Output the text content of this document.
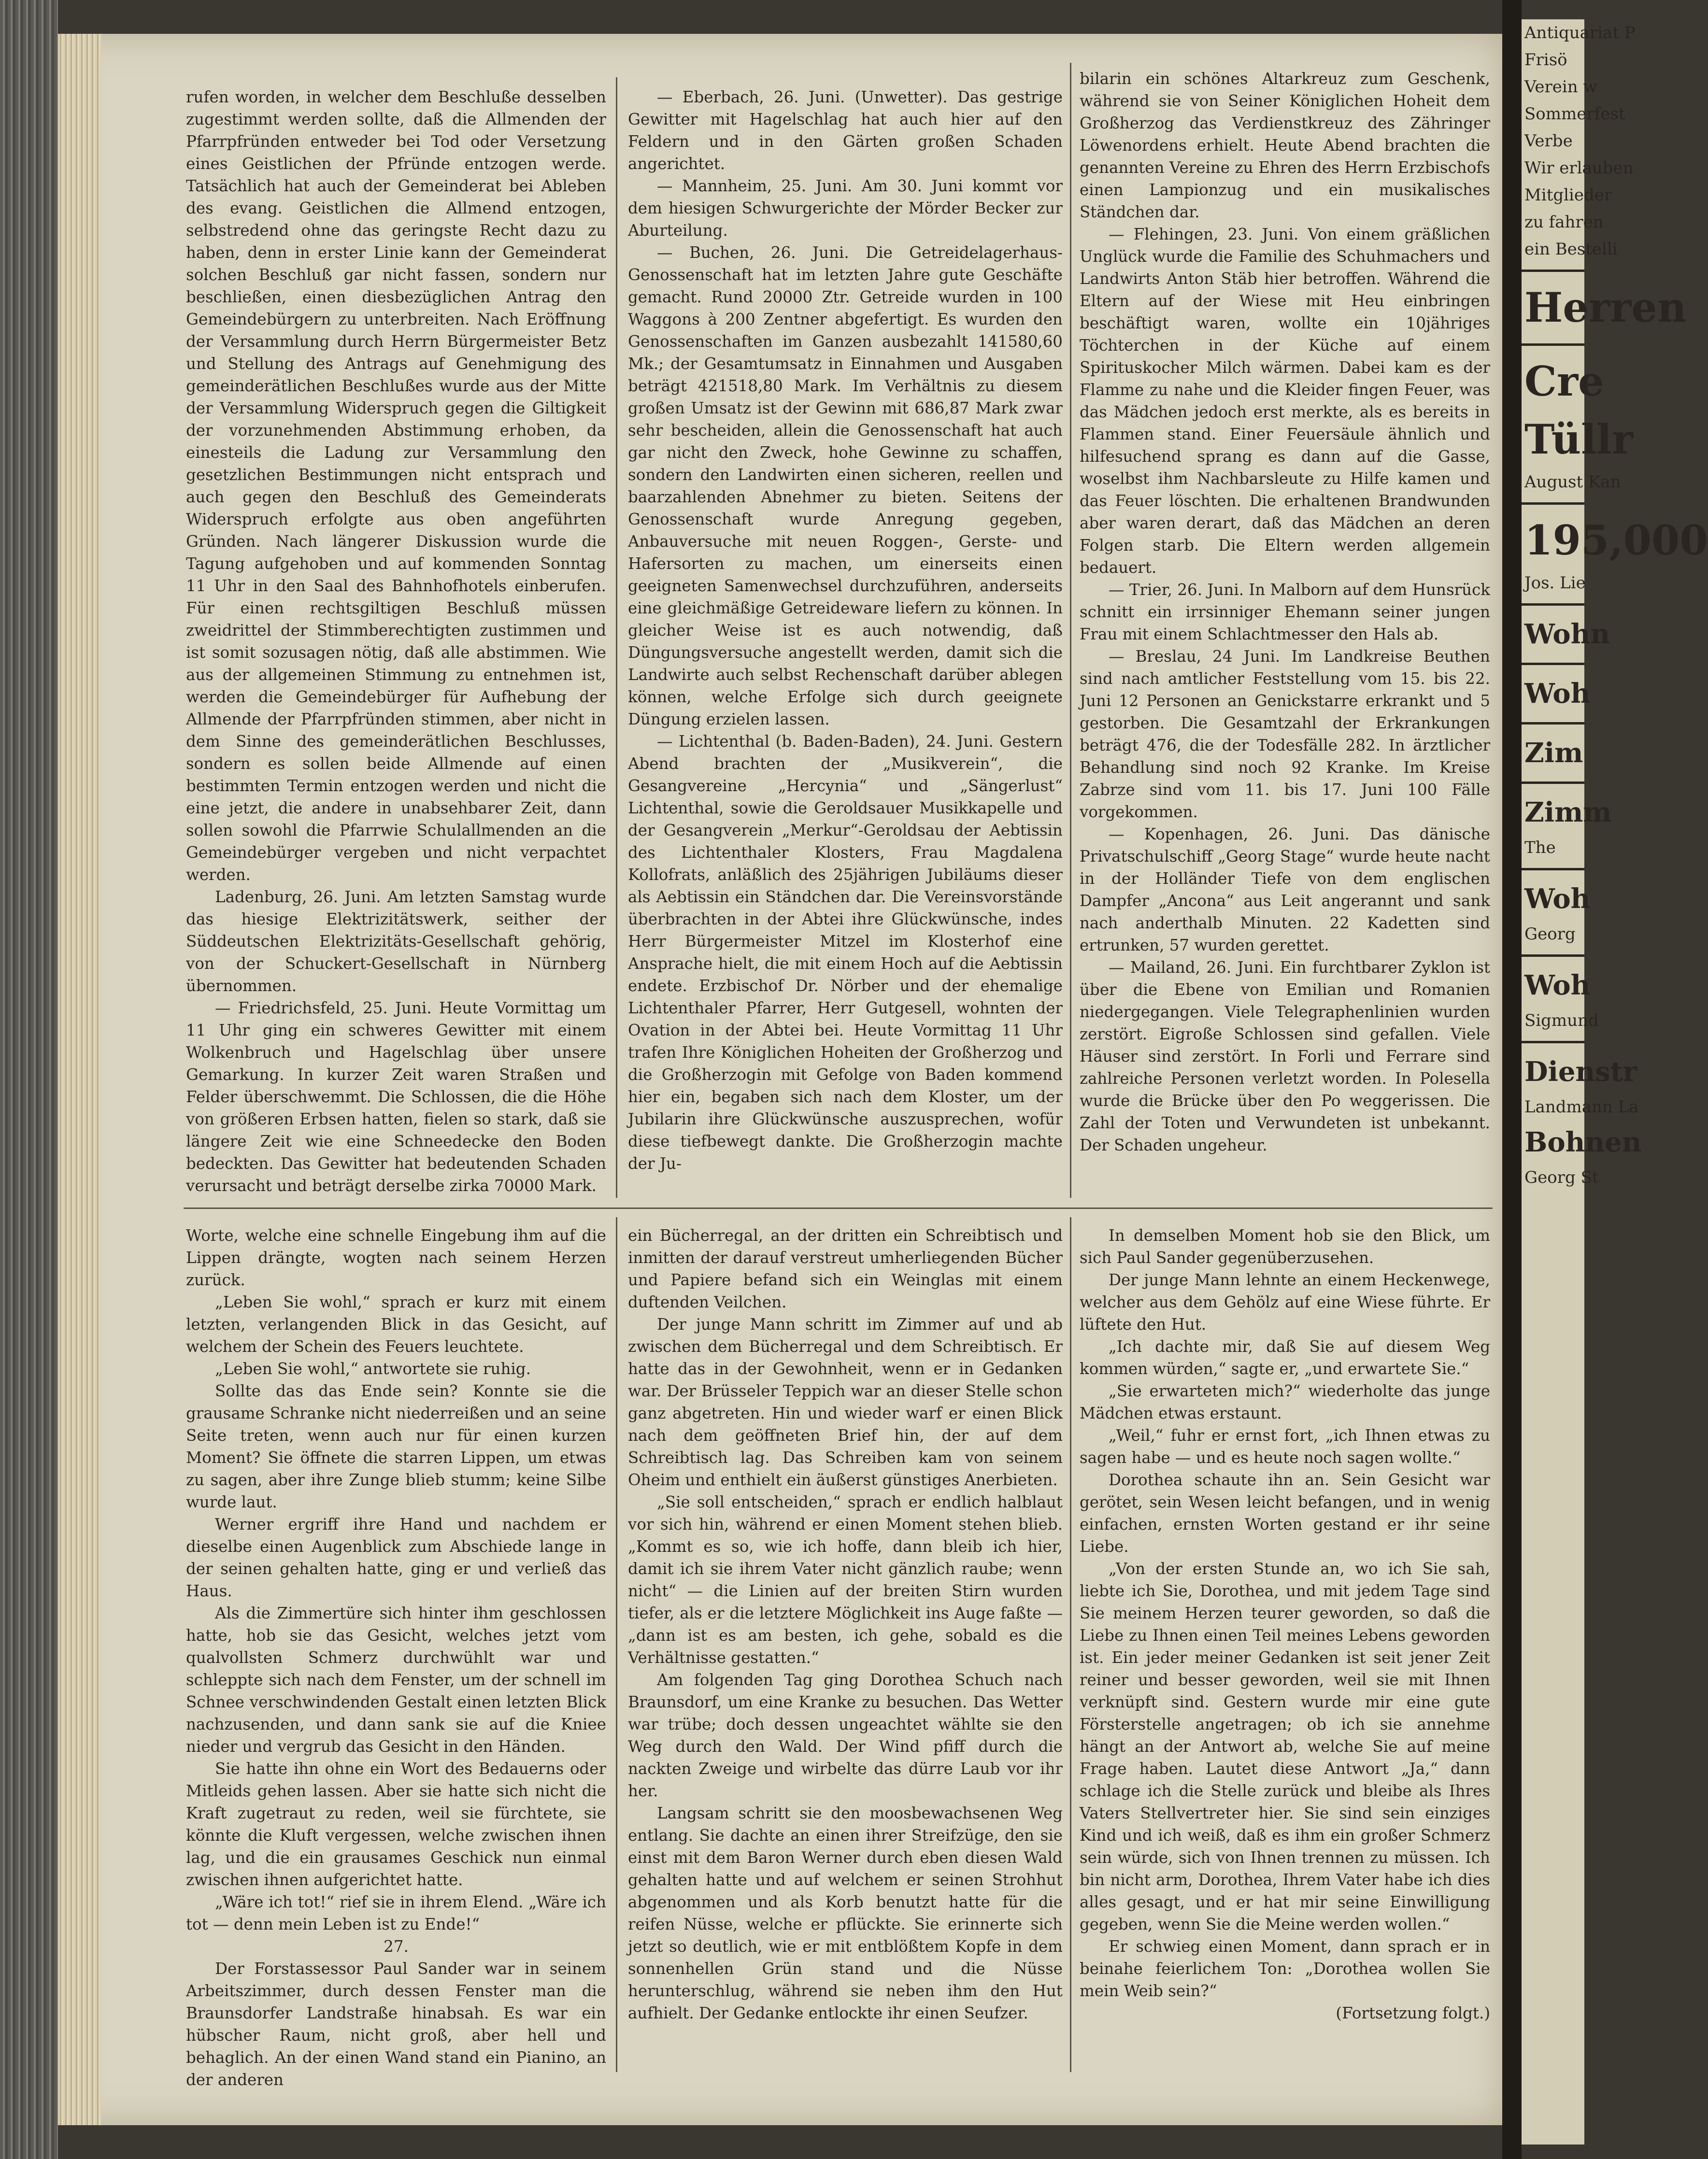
Antiquariat P
Frisö
Verein w
Sommerfest
Verbe
Wir erlauben
Mitglieder
zu fahren
ein Bestelli
Herren
Cre
Tüllr
August Kan
195,000
Jos. Lie
Wohn
Woh
Zim
Zimm
The
Woh
Georg
Woh
Sigmund
Dienstr
Landmann La
Bohnen
Georg St

rufen worden, in welcher dem Beschluße desselben zugestimmt werden sollte, daß die Allmenden der Pfarrpfründen entweder bei Tod oder Versetzung eines Geistlichen der Pfründe entzogen werde. Tatsächlich hat auch der Gemeinderat bei Ableben des evang. Geistlichen die Allmend entzogen, selbstredend ohne das geringste Recht dazu zu haben, denn in erster Linie kann der Gemeinderat solchen Beschluß gar nicht fassen, sondern nur beschließen, einen diesbezüglichen Antrag den Gemeindebürgern zu unterbreiten. Nach Eröffnung der Versammlung durch Herrn Bürgermeister Betz und Stellung des Antrags auf Genehmigung des gemeinderätlichen Beschlußes wurde aus der Mitte der Versammlung Widerspruch gegen die Giltigkeit der vorzunehmenden Abstimmung erhoben, da einesteils die Ladung zur Versammlung den gesetzlichen Bestimmungen nicht entsprach und auch gegen den Beschluß des Gemeinderats Widerspruch erfolgte aus oben angeführten Gründen. Nach längerer Diskussion wurde die Tagung aufgehoben und auf kommenden Sonntag 11 Uhr in den Saal des Bahnhofhotels einberufen. Für einen rechtsgiltigen Beschluß müssen zweidrittel der Stimmberechtigten zustimmen und ist somit sozusagen nötig, daß alle abstimmen. Wie aus der allgemeinen Stimmung zu entnehmen ist, werden die Gemeindebürger für Aufhebung der Allmende der Pfarrpfründen stimmen, aber nicht in dem Sinne des gemeinderätlichen Beschlusses, sondern es sollen beide Allmende auf einen bestimmten Termin entzogen werden und nicht die eine jetzt, die andere in unabsehbarer Zeit, dann sollen sowohl die Pfarrwie Schulallmenden an die Gemeindebürger vergeben und nicht verpachtet werden.

Ladenburg, 26. Juni. Am letzten Samstag wurde das hiesige Elektrizitätswerk, seither der Süddeutschen Elektrizitäts-Gesellschaft gehörig, von der Schuckert-Gesellschaft in Nürnberg übernommen.

— Friedrichsfeld, 25. Juni. Heute Vormittag um 11 Uhr ging ein schweres Gewitter mit einem Wolkenbruch und Hagelschlag über unsere Gemarkung. In kurzer Zeit waren Straßen und Felder überschwemmt. Die Schlossen, die die Höhe von größeren Erbsen hatten, fielen so stark, daß sie längere Zeit wie eine Schneedecke den Boden bedeckten. Das Gewitter hat bedeutenden Schaden verursacht und beträgt derselbe zirka 70000 Mark.

— Eberbach, 26. Juni. (Unwetter). Das gestrige Gewitter mit Hagelschlag hat auch hier auf den Feldern und in den Gärten großen Schaden angerichtet.

— Mannheim, 25. Juni. Am 30. Juni kommt vor dem hiesigen Schwurgerichte der Mörder Becker zur Aburteilung.

— Buchen, 26. Juni. Die Getreidelagerhaus-Genossenschaft hat im letzten Jahre gute Geschäfte gemacht. Rund 20000 Ztr. Getreide wurden in 100 Waggons à 200 Zentner abgefertigt. Es wurden den Genossenschaften im Ganzen ausbezahlt 141580,60 Mk.; der Gesamtumsatz in Einnahmen und Ausgaben beträgt 421518,80 Mark. Im Verhältnis zu diesem großen Umsatz ist der Gewinn mit 686,87 Mark zwar sehr bescheiden, allein die Genossenschaft hat auch gar nicht den Zweck, hohe Gewinne zu schaffen, sondern den Landwirten einen sicheren, reellen und baarzahlenden Abnehmer zu bieten. Seitens der Genossenschaft wurde Anregung gegeben, Anbauversuche mit neuen Roggen-, Gerste- und Hafersorten zu machen, um einerseits einen geeigneten Samenwechsel durchzuführen, anderseits eine gleichmäßige Getreideware liefern zu können. In gleicher Weise ist es auch notwendig, daß Düngungsversuche angestellt werden, damit sich die Landwirte auch selbst Rechenschaft darüber ablegen können, welche Erfolge sich durch geeignete Düngung erzielen lassen.

— Lichtenthal (b. Baden-Baden), 24. Juni. Gestern Abend brachten der „Musikverein“, die Gesangvereine „Hercynia“ und „Sängerlust“ Lichtenthal, sowie die Geroldsauer Musikkapelle und der Gesangverein „Merkur“-Geroldsau der Aebtissin des Lichtenthaler Klosters, Frau Magdalena Kollofrats, anläßlich des 25jährigen Jubiläums dieser als Aebtissin ein Ständchen dar. Die Vereinsvorstände überbrachten in der Abtei ihre Glückwünsche, indes Herr Bürgermeister Mitzel im Klosterhof eine Ansprache hielt, die mit einem Hoch auf die Aebtissin endete. Erzbischof Dr. Nörber und der ehemalige Lichtenthaler Pfarrer, Herr Gutgesell, wohnten der Ovation in der Abtei bei. Heute Vormittag 11 Uhr trafen Ihre Königlichen Hoheiten der Großherzog und die Großherzogin mit Gefolge von Baden kommend hier ein, begaben sich nach dem Kloster, um der Jubilarin ihre Glückwünsche auszusprechen, wofür diese tiefbewegt dankte. Die Großherzogin machte der Ju-

bilarin ein schönes Altarkreuz zum Geschenk, während sie von Seiner Königlichen Hoheit dem Großherzog das Verdienstkreuz des Zähringer Löwenordens erhielt. Heute Abend brachten die genannten Vereine zu Ehren des Herrn Erzbischofs einen Lampionzug und ein musikalisches Ständchen dar.

— Flehingen, 23. Juni. Von einem gräßlichen Unglück wurde die Familie des Schuhmachers und Landwirts Anton Stäb hier betroffen. Während die Eltern auf der Wiese mit Heu einbringen beschäftigt waren, wollte ein 10jähriges Töchterchen in der Küche auf einem Spirituskocher Milch wärmen. Dabei kam es der Flamme zu nahe und die Kleider fingen Feuer, was das Mädchen jedoch erst merkte, als es bereits in Flammen stand. Einer Feuersäule ähnlich und hilfesuchend sprang es dann auf die Gasse, woselbst ihm Nachbarsleute zu Hilfe kamen und das Feuer löschten. Die erhaltenen Brandwunden aber waren derart, daß das Mädchen an deren Folgen starb. Die Eltern werden allgemein bedauert.

— Trier, 26. Juni. In Malborn auf dem Hunsrück schnitt ein irrsinniger Ehemann seiner jungen Frau mit einem Schlachtmesser den Hals ab.

— Breslau, 24 Juni. Im Landkreise Beuthen sind nach amtlicher Feststellung vom 15. bis 22. Juni 12 Personen an Genickstarre erkrankt und 5 gestorben. Die Gesamtzahl der Erkrankungen beträgt 476, die der Todesfälle 282. In ärztlicher Behandlung sind noch 92 Kranke. Im Kreise Zabrze sind vom 11. bis 17. Juni 100 Fälle vorgekommen.

— Kopenhagen, 26. Juni. Das dänische Privatschulschiff „Georg Stage“ wurde heute nacht in der Holländer Tiefe von dem englischen Dampfer „Ancona“ aus Leit angerannt und sank nach anderthalb Minuten. 22 Kadetten sind ertrunken, 57 wurden gerettet.

— Mailand, 26. Juni. Ein furchtbarer Zyklon ist über die Ebene von Emilian und Romanien niedergegangen. Viele Telegraphenlinien wurden zerstört. Eigroße Schlossen sind gefallen. Viele Häuser sind zerstört. In Forli und Ferrare sind zahlreiche Personen verletzt worden. In Polesella wurde die Brücke über den Po weggerissen. Die Zahl der Toten und Verwundeten ist unbekannt. Der Schaden ungeheur.

Worte, welche eine schnelle Eingebung ihm auf die Lippen drängte, wogten nach seinem Herzen zurück.

„Leben Sie wohl,“ sprach er kurz mit einem letzten, verlangenden Blick in das Gesicht, auf welchem der Schein des Feuers leuchtete.

„Leben Sie wohl,“ antwortete sie ruhig.

Sollte das das Ende sein? Konnte sie die grausame Schranke nicht niederreißen und an seine Seite treten, wenn auch nur für einen kurzen Moment? Sie öffnete die starren Lippen, um etwas zu sagen, aber ihre Zunge blieb stumm; keine Silbe wurde laut.

Werner ergriff ihre Hand und nachdem er dieselbe einen Augenblick zum Abschiede lange in der seinen gehalten hatte, ging er und verließ das Haus.

Als die Zimmertüre sich hinter ihm geschlossen hatte, hob sie das Gesicht, welches jetzt vom qualvollsten Schmerz durchwühlt war und schleppte sich nach dem Fenster, um der schnell im Schnee verschwindenden Gestalt einen letzten Blick nachzusenden, und dann sank sie auf die Kniee nieder und vergrub das Gesicht in den Händen.

Sie hatte ihn ohne ein Wort des Bedauerns oder Mitleids gehen lassen. Aber sie hatte sich nicht die Kraft zugetraut zu reden, weil sie fürchtete, sie könnte die Kluft vergessen, welche zwischen ihnen lag, und die ein grausames Geschick nun einmal zwischen ihnen aufgerichtet hatte.

„Wäre ich tot!“ rief sie in ihrem Elend. „Wäre ich tot — denn mein Leben ist zu Ende!“

27.

Der Forstassessor Paul Sander war in seinem Arbeitszimmer, durch dessen Fenster man die Braunsdorfer Landstraße hinabsah. Es war ein hübscher Raum, nicht groß, aber hell und behaglich. An der einen Wand stand ein Pianino, an der anderen

ein Bücherregal, an der dritten ein Schreibtisch und inmitten der darauf verstreut umherliegenden Bücher und Papiere befand sich ein Weinglas mit einem duftenden Veilchen.

Der junge Mann schritt im Zimmer auf und ab zwischen dem Bücherregal und dem Schreibtisch. Er hatte das in der Gewohnheit, wenn er in Gedanken war. Der Brüsseler Teppich war an dieser Stelle schon ganz abgetreten. Hin und wieder warf er einen Blick nach dem geöffneten Brief hin, der auf dem Schreibtisch lag. Das Schreiben kam von seinem Oheim und enthielt ein äußerst günstiges Anerbieten.

„Sie soll entscheiden,“ sprach er endlich halblaut vor sich hin, während er einen Moment stehen blieb. „Kommt es so, wie ich hoffe, dann bleib ich hier, damit ich sie ihrem Vater nicht gänzlich raube; wenn nicht“ — die Linien auf der breiten Stirn wurden tiefer, als er die letztere Möglichkeit ins Auge faßte — „dann ist es am besten, ich gehe, sobald es die Verhältnisse gestatten.“

Am folgenden Tag ging Dorothea Schuch nach Braunsdorf, um eine Kranke zu besuchen. Das Wetter war trübe; doch dessen ungeachtet wählte sie den Weg durch den Wald. Der Wind pfiff durch die nackten Zweige und wirbelte das dürre Laub vor ihr her.

Langsam schritt sie den moosbewachsenen Weg entlang. Sie dachte an einen ihrer Streifzüge, den sie einst mit dem Baron Werner durch eben diesen Wald gehalten hatte und auf welchem er seinen Strohhut abgenommen und als Korb benutzt hatte für die reifen Nüsse, welche er pflückte. Sie erinnerte sich jetzt so deutlich, wie er mit entblößtem Kopfe in dem sonnenhellen Grün stand und die Nüsse herunterschlug, während sie neben ihm den Hut aufhielt. Der Gedanke entlockte ihr einen Seufzer.

In demselben Moment hob sie den Blick, um sich Paul Sander gegenüberzusehen.

Der junge Mann lehnte an einem Heckenwege, welcher aus dem Gehölz auf eine Wiese führte. Er lüftete den Hut.

„Ich dachte mir, daß Sie auf diesem Weg kommen würden,“ sagte er, „und erwartete Sie.“

„Sie erwarteten mich?“ wiederholte das junge Mädchen etwas erstaunt.

„Weil,“ fuhr er ernst fort, „ich Ihnen etwas zu sagen habe — und es heute noch sagen wollte.“

Dorothea schaute ihn an. Sein Gesicht war gerötet, sein Wesen leicht befangen, und in wenig einfachen, ernsten Worten gestand er ihr seine Liebe.

„Von der ersten Stunde an, wo ich Sie sah, liebte ich Sie, Dorothea, und mit jedem Tage sind Sie meinem Herzen teurer geworden, so daß die Liebe zu Ihnen einen Teil meines Lebens geworden ist. Ein jeder meiner Gedanken ist seit jener Zeit reiner und besser geworden, weil sie mit Ihnen verknüpft sind. Gestern wurde mir eine gute Försterstelle angetragen; ob ich sie annehme hängt an der Antwort ab, welche Sie auf meine Frage haben. Lautet diese Antwort „Ja,“ dann schlage ich die Stelle zurück und bleibe als Ihres Vaters Stellvertreter hier. Sie sind sein einziges Kind und ich weiß, daß es ihm ein großer Schmerz sein würde, sich von Ihnen trennen zu müssen. Ich bin nicht arm, Dorothea, Ihrem Vater habe ich dies alles gesagt, und er hat mir seine Einwilligung gegeben, wenn Sie die Meine werden wollen.“

Er schwieg einen Moment, dann sprach er in beinahe feierlichem Ton: „Dorothea wollen Sie mein Weib sein?“

(Fortsetzung folgt.)
